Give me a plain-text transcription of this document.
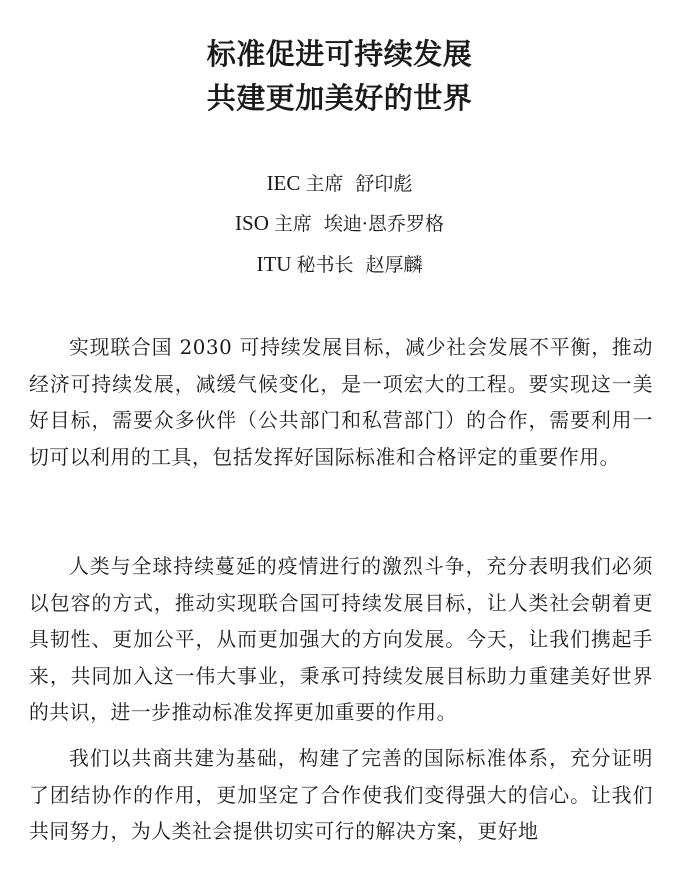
标准促进可持续发展
共建更加美好的世界

IEC 主席 舒印彪

ISO 主席 埃迪·恩乔罗格

ITU 秘书长 赵厚麟

实现联合国 2030 可持续发展目标，减少社会发展不平衡，推动经济可持续发展，减缓气候变化，是一项宏大的工程。要实现这一美好目标，需要众多伙伴（公共部门和私营部门）的合作，需要利用一切可以利用的工具，包括发挥好国际标准和合格评定的重要作用。

人类与全球持续蔓延的疫情进行的激烈斗争，充分表明我们必须以包容的方式，推动实现联合国可持续发展目标，让人类社会朝着更具韧性、更加公平，从而更加强大的方向发展。今天，让我们携起手来，共同加入这一伟大事业，秉承可持续发展目标助力重建美好世界的共识，进一步推动标准发挥更加重要的作用。

我们以共商共建为基础，构建了完善的国际标准体系，充分证明了团结协作的作用，更加坚定了合作使我们变得强大的信心。让我们共同努力，为人类社会提供切实可行的解决方案，更好地
